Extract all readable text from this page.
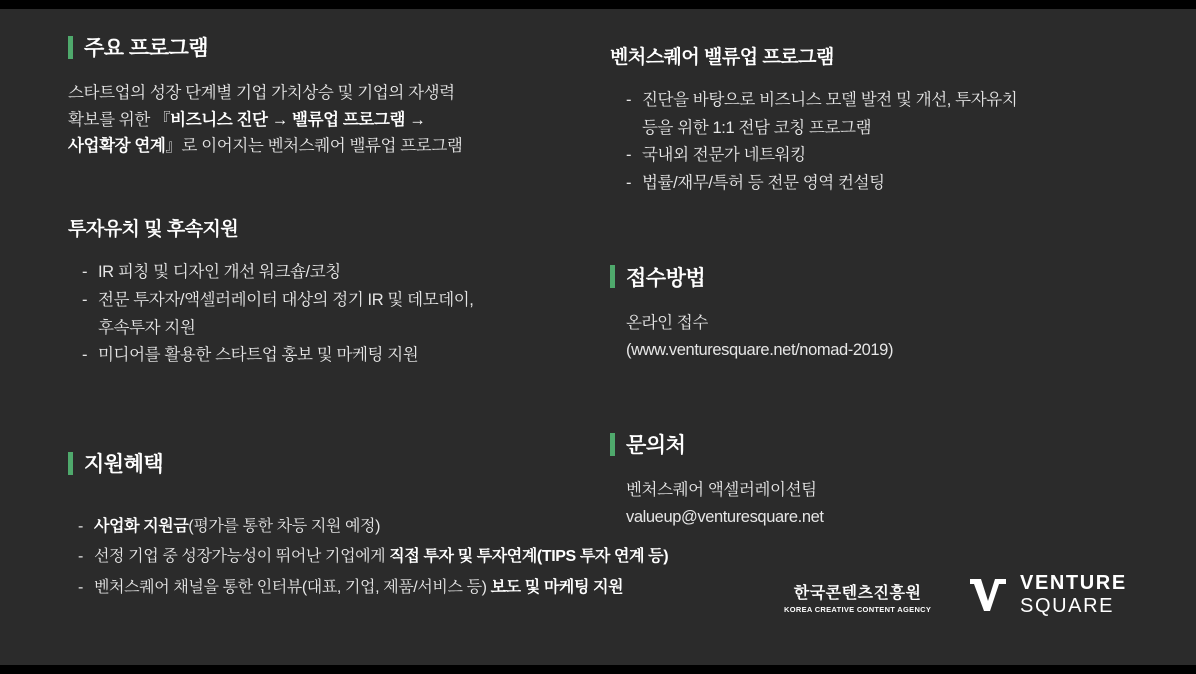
주요 프로그램
스타트업의 성장 단계별 기업 가치상승 및 기업의 자생력
확보를 위한 『비즈니스 진단 → 밸류업 프로그램 →
사업확장 연계』로 이어지는 벤처스퀘어 밸류업 프로그램
투자유치 및 후속지원
- IR 피칭 및 디자인 개선 워크숍/코칭
- 전문 투자자/액셀러레이터 대상의 정기 IR 및 데모데이,
후속투자 지원
- 미디어를 활용한 스타트업 홍보 및 마케팅 지원
지원혜택
- 사업화 지원금(평가를 통한 차등 지원 예정)
- 선정 기업 중 성장가능성이 뛰어난 기업에게 직접 투자 및 투자연계(TIPS 투자 연계 등)
- 벤처스퀘어 채널을 통한 인터뷰(대표, 기업, 제품/서비스 등) 보도 및 마케팅 지원
벤처스퀘어 밸류업 프로그램
- 진단을 바탕으로 비즈니스 모델 발전 및 개선, 투자유치
등을 위한 1:1 전담 코칭 프로그램
- 국내외 전문가 네트워킹
- 법률/재무/특허 등 전문 영역 컨설팅
접수방법
온라인 접수
(www.venturesquare.net/nomad-2019)
문의처
벤처스퀘어 액셀러레이션팀
valueup@venturesquare.net
한국콘텐츠진흥원
KOREA CREATIVE CONTENT AGENCY
VENTURE SQUARE
